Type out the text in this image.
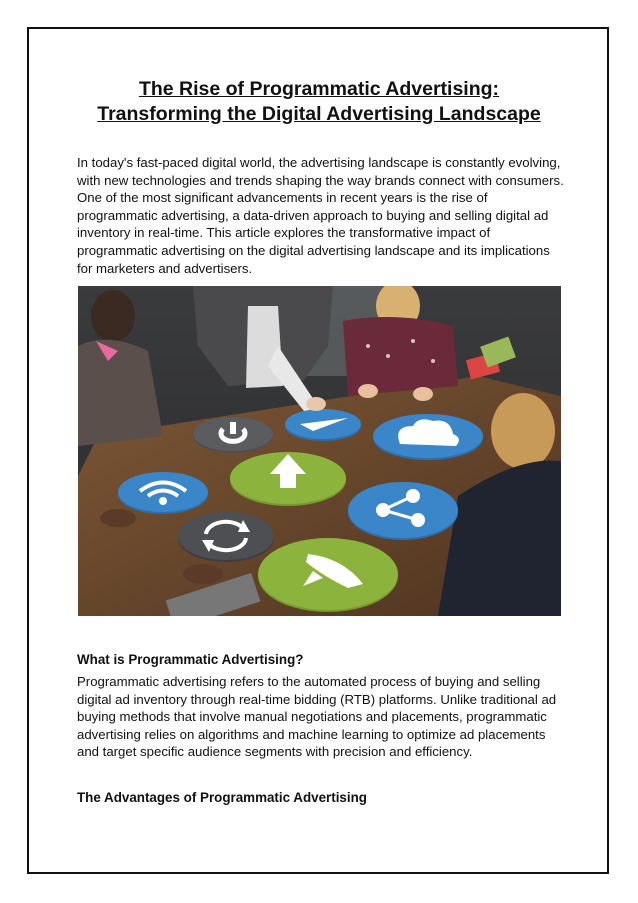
The Rise of Programmatic Advertising:
Transforming the Digital Advertising Landscape

In today's fast-paced digital world, the advertising landscape is constantly evolving, with new technologies and trends shaping the way brands connect with consumers. One of the most significant advancements in recent years is the rise of programmatic advertising, a data-driven approach to buying and selling digital ad inventory in real-time. This article explores the transformative impact of programmatic advertising on the digital advertising landscape and its implications for marketers and advertisers.

What is Programmatic Advertising?

Programmatic advertising refers to the automated process of buying and selling digital ad inventory through real-time bidding (RTB) platforms. Unlike traditional ad buying methods that involve manual negotiations and placements, programmatic advertising relies on algorithms and machine learning to optimize ad placements and target specific audience segments with precision and efficiency.

The Advantages of Programmatic Advertising
